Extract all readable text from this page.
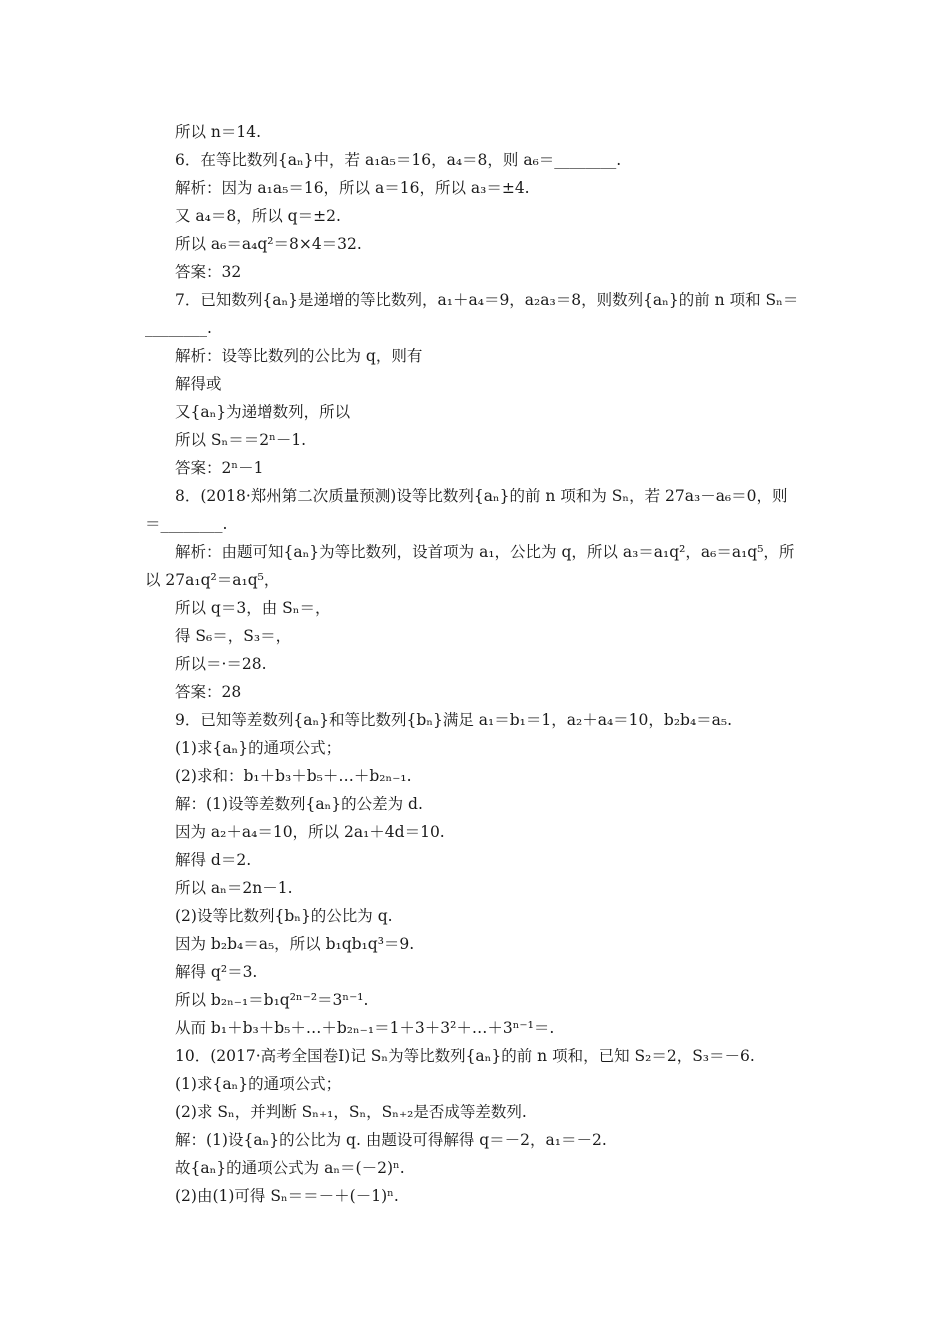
所以 n＝14.
6．在等比数列{aₙ}中，若 a₁a₅＝16，a₄＝8，则 a₆＝________.
解析：因为 a₁a₅＝16，所以 a＝16，所以 a₃＝±4.
又 a₄＝8，所以 q＝±2.
所以 a₆＝a₄q²＝8×4＝32.
答案：32
7．已知数列{aₙ}是递增的等比数列，a₁＋a₄＝9，a₂a₃＝8，则数列{aₙ}的前 n 项和 Sₙ＝
________.
解析：设等比数列的公比为 q，则有
解得或
又{aₙ}为递增数列，所以
所以 Sₙ＝＝2ⁿ－1.
答案：2ⁿ－1
8．(2018·郑州第二次质量预测)设等比数列{aₙ}的前 n 项和为 Sₙ，若 27a₃－a₆＝0，则
＝________.
解析：由题可知{aₙ}为等比数列，设首项为 a₁，公比为 q，所以 a₃＝a₁q²，a₆＝a₁q⁵，所
以 27a₁q²＝a₁q⁵，
所以 q＝3，由 Sₙ＝，
得 S₆＝，S₃＝，
所以＝·＝28.
答案：28
9．已知等差数列{aₙ}和等比数列{bₙ}满足 a₁＝b₁＝1，a₂＋a₄＝10，b₂b₄＝a₅.
(1)求{aₙ}的通项公式；
(2)求和：b₁＋b₃＋b₅＋…＋b₂ₙ₋₁.
解：(1)设等差数列{aₙ}的公差为 d.
因为 a₂＋a₄＝10，所以 2a₁＋4d＝10.
解得 d＝2.
所以 aₙ＝2n－1.
(2)设等比数列{bₙ}的公比为 q.
因为 b₂b₄＝a₅，所以 b₁qb₁q³＝9.
解得 q²＝3.
所以 b₂ₙ₋₁＝b₁q²ⁿ⁻²＝3ⁿ⁻¹.
从而 b₁＋b₃＋b₅＋…＋b₂ₙ₋₁＝1＋3＋3²＋…＋3ⁿ⁻¹＝.
10．(2017·高考全国卷Ⅰ)记 Sₙ为等比数列{aₙ}的前 n 项和，已知 S₂＝2，S₃＝－6.
(1)求{aₙ}的通项公式；
(2)求 Sₙ，并判断 Sₙ₊₁，Sₙ，Sₙ₊₂是否成等差数列.
解：(1)设{aₙ}的公比为 q. 由题设可得解得 q＝－2，a₁＝－2.
故{aₙ}的通项公式为 aₙ＝(－2)ⁿ.
(2)由(1)可得 Sₙ＝＝－＋(－1)ⁿ.
